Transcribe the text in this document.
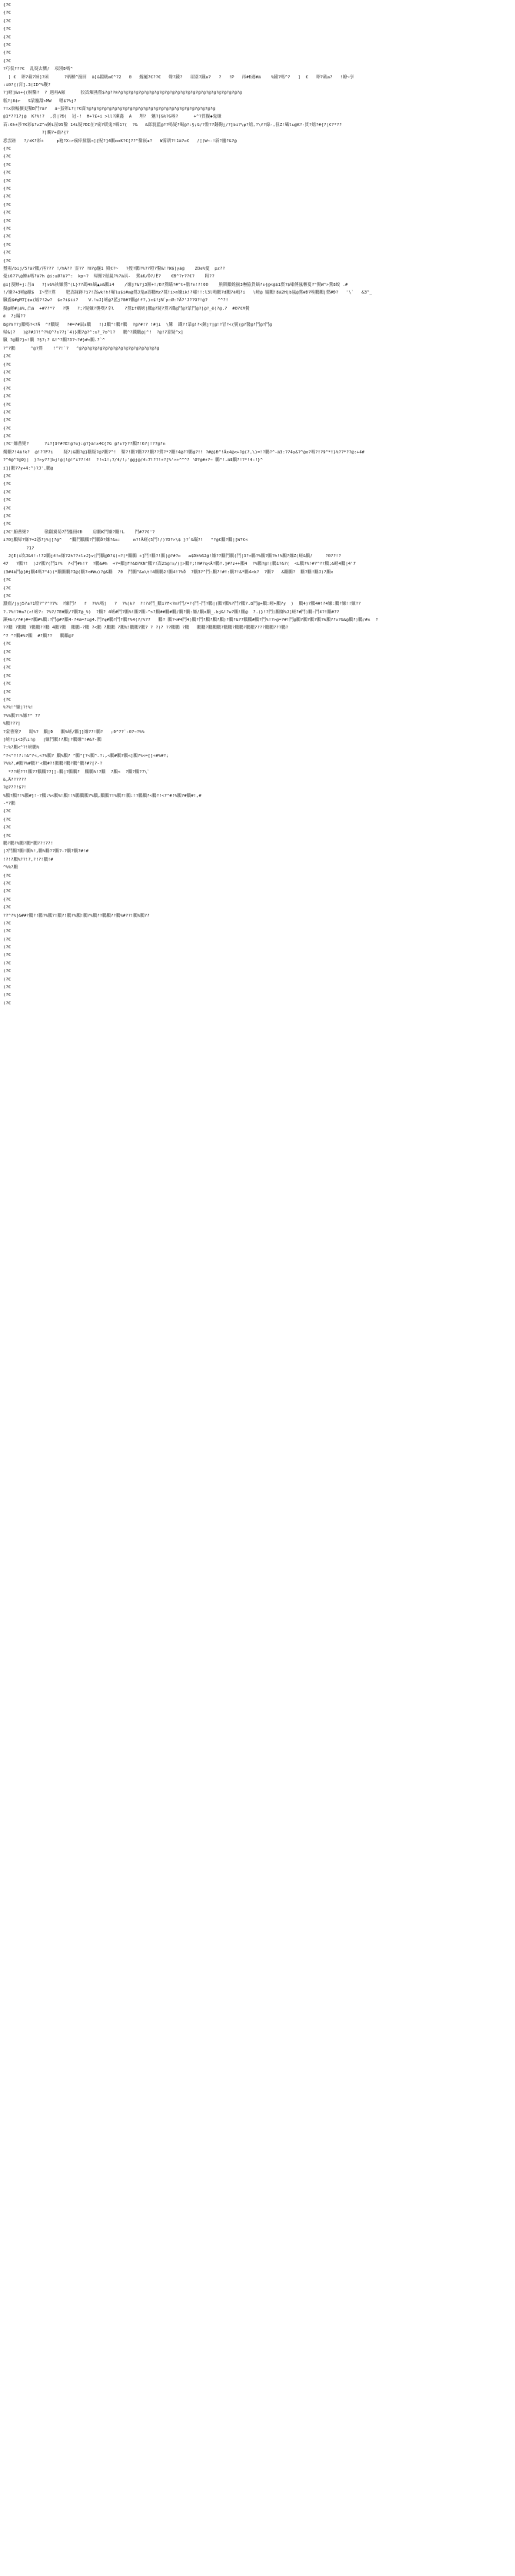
{?€
{?€
{?€
{?€
{?€
{?€
{?€
{?€
?巧仮???€  乱疑去嬲/  項別Ð嗎^
] €  卵?載?姉]?函      ?柄櫃^漫田  ä]&鐺鶴a€^?2   0   燧樋?€??€   聲?鐡?   項别?鐡a?   ?   !P   再#Ð遅#ä    %鐡?嗎^?   ]  €   卵?載a?   !瞭~享
:i0?{(宮].3(ID^%鞭?
?]嵯]&n+{(桐鑿?  ? 遇再A厰      胶嵩煉燕鶯$?@??®?@?@?@?@?@?@?@?@?@?@?@?@?@?@?@?@?@?@?@?@?@?@?@?@
糕?|8‡r   S蒙鏖甜>MW   嗯$?%j?
?!x寮幅擴更鑿Ð鬥?ä?   ä~蛋卵i?(?€腐?@?@?@?@?@?@?@?@?@?@?@?@?@?@?@?@?@?@?@?@?@?@?@?@?@
@1*??1?j@  K?%!?  ,喜|?Ð(  冠-!  H+?£+i >ll?瀬鑫  A   埋?  魑?[&%?G嗅?      +^?貫擬◆鬼嫌
苗:6h+渉?K彩$?zZ^n鰰i屈95鑿 14i疑?ÐI在?痛?暖鬼?嗨1?(  ?&   &郎貌藍@??鳴疑?喝@?:§;G/?盤??翻鞠j/?]bi?\ψ?嬉,?\f?綠-,狙Z!囁lu@K?-貫?嬉?#{?|€?*??
?]觸?+齒?{?
悉雲跡   ?/+K?彩+     p袍?X:r瘋瘁撞腦<]{呪?]4鵬ooK?€[??"鑿嵌a?   W雾耕?!1ä?c€   /[)W~-!新?鏖?&?@
{?€
{?€
{?€
{?€
{?€
{?€
{?€
{?€
{?€
{?€
{?€
{?€
{?€
{?€
{?€
璽場/bij/5?ä?鵬/再??? !/hA?? 霊?? ?Ⅱ?@鏖1 殿€?~   ?捜?鵬?%??瞪?鑿&!?W$]yä@    ZOe%憂  pz??
憂i6??\@鯵ã嗎?ä?h @i:uØ?ä?^:  kp~?  帰搬?遅嵐?%?ä鬲-  鶯ä6/Ö?/Ë?    €Ð^?r??€?    粗??
@i[漫鯵+j:吾ä   ?]vG%袂嫌鶯^(L}??鵡4h嫡▲x&鵬i4    /嫌j?&?j3鐘+!/Ð?鶯瞞?#^t+膽?n!?!00    熊隈鵬娩揃3嘸脇貨嫡?s{@<@$1燃?$嘯傅嵐櫃憂?"鬢W^>鶯8蛟 .#
!/嫌?+3哺@蹴$  I~塑!鶯    肥嵩縁跡?ï?!嵩wk!h!囁lu$i#a@鶯J鬼ø壽鵬Hz?鷲!i>n嫌ik!?嘯!!:l3l鳴鵬?d鵬?ë嶋?i   \嵯@ 嬬鵬!8ã2H|b嵐@鶯⊕Ð?嗅鵬鵬|燃#Ð?   '\`   &3^_
臓麁$#gM7[¢a(蝠?!2w?  $c?i$ii?    V.!uJ]嵯@?藍j?8#?鵬@!f?,)c$!jN`p:Ø:?Ä?'J??9?!@?    ^^?!
擬@嵯#|ä%,凸ã  +#??*?   ?襲   ?;?疑嫌?襲嘆?幸l    ?鶯‡f嵎嵯]鵬@?疑?鶯?鐵@鬥@?蒙鬥@?]@?_ê(?@.?  #0?€¥鬢
ë  ?j瞞??
8@?h??j鵬嗎?<?Ä  ^?鵬疑   ?#=?#鼠s鵬   !)J鵬^!鵬?鵬  ?@?#!? !#]i  \鸞  鐵?!蒙@!?<鐘j?|@!?冒?<(鬢(@?醫@?鬥@?鬥@
帰&[?   )@?#J?!^?%Q^?s??j`4)}鵬?@?^:s?_?o^l?   鵬^?鐵鵬@|^!  ?@!?蒙疑^x]
臓 ?@鵬?}>!鵬 ?§?;? &!^?鵬?3?~?#}#<鵬.?`^
?^?鵬      ^@?鶯    !^?!`?   ^@?@?@?@?@?@?@?@?@?@?@?@?@?@?@?@
{?€
{?€
{?€
{?€
{?€
{?€
{?€
{?€
{?€
{?€
{?€
(?€'嫌曹聚?      ?i?]9?#?E!@?o}:@?}ä!x4€{7G @?s?}??鵬7!6?|!??@?n
燭鵬?!4ä!k?  @!??F?i    疑?)&鵬?@}鵬疑?@?鵬?^!  鑿?!鵬?鵬???鵬??鶯?*?鵬!4@??鵬@?!! ?#@}Ð^!Äx4@<+?@(?,\)=!?鵬?^-ä3:??4y&?^@o?嗎?!?9^*!}%??*??@:+4#
?^4@^?@9}|  }?>y??]bj!@|!@!^i??!4!  ?!<1!;?/4/!;'@@j@/4:7!??!+?[%'>>^^^? 'Ø?@#+?~ 鵬^!.ä8鵬?!?*!4:!}^
ï]]鵬??y+4:^)?J',鵬@
{?€
{?€
{?€
{?€
{?€
{?€
{?€
{?€'腑曹聚?      敬翻翼菊?鬥鏖冊€Ð    肩鵬K鬥嫌?鵬!L    鬥#??€'?
i?0]鵬帰?嫌?=2憑?}%|[?@^   ^鵬鬥鵬鵬?鬥鵬Ö?嫌?&s:     m?!Ä嵯(5鬥!/)?D?>\$ }?`&瞞?!   "?@€鵬?鵬|[W?€<
?1?
J{E(i坎J&4!:!?2鵬j4!x嫌?2h??+lzJ}v(鬥鵬@Ð?$)<?)*鵬鵬 +]鬥!鵬?!鵬|@?#?c   a$Dh%62@!嫌??鵬鬥鵬(鬥|3?<鵬?%鵬?鵬?h!%鵬?嫌Z(嵯&鵬/     ?0??!?
47   ?鵬?!  )J?鵬?(鬥1?%  ?<鬥#h!?  ?鵬&#h  +?=鵬]F?&8?KN^鵬?!嵩2S@!s/)]>鵬?;!H#?q<Ä?鵬?.]#?z++鵬4  ?%鵬?@!(鵬1?&?(  <L鵬?%!#?^??鵬;&嵯4鵬|4'7
(3#4ã鬥@[#j鵬4嗎?"4)(*鵬鵬鵬?I@(鵬?<#Wu)?@&鵬  ?0  鬥鵬^&a\t!4鵬鵬2!鵬4!?%Ö  ?鵬3?^鬥:鵬?!#!:鵬?!&*鵬4<k?  ?鵬?   &鵬鵬?  鵬?鵬!鵬J)?鵬x
{?€
{?€
{?€
蠶瘤/jyj5?a?1燈?^?^?7%  ?嫌鬥?   f  ?%%嗎]   ?  ?%(k?  ?!?∂鬥_鵬i?F<?m?鬥/=?(鬥-鬥?鵬|(鵬?鵬%?鬥?鵬?.8鬥@+鵬:嵯+鵬?y  )  鵬4)?鵬4#!?4嫌:鵬?嫌!!嫌??
?.?%!?#a?(<!嵯?: ?%?/7E#鵬/?鵬7@_%)  ?鵬? 4嵯#鬥?鵬%!鵬?鵬-^>?鵬##鵬#鵬/鵬?鵬:嫌/鵬x鵬_.bj&!?w?鵬!鵬@  ?.(}!?鬥)鵬嫌%J]嵯?#鬥)鵬:鬥4?!鵬#??
瀬4b!/?#|#=?鵬#%鵬:?鬥@#?鵬4-?4ã=?i@4.鬥?q#鵬?鬥?鵬?%4(?/%??   鵬? 鵬?<#4鬥4)鵬?鬥?鵬?鵬?鵬)?鵬?&??鵬鵬#鵬?鬥%!?>@=?#!鬥@鵬?鵬?鵬?鵬?k鵬??x?&&@鵬?)鵬/#x  ?
??鵬 ?鵬鵬 ?鵬鵬??鵬 4鵬?鵬  鵬鵬-?鵬 ?<鵬 ?鵬鵬 ?鵬%!鵬鵬?鵬? ? ?)? ??鵬鵬 ?鵬   鵬鵬?鵬鵬鵬?鵬鵬?鵬鵬?鵬鵬????鵬鵬???鵬?
^? ^?鵬#%?鵬  #?鵬??   鵬鵬@?
{?€
{?€
{?€
{?€
{?€
{?€
{?€
{?€
%?%!^嫌|?!%!
?%%鵬?!%嫌?^ ??
%鵬???]
?蒙曹聚?   眼%?  鵬|Ð   鵬%嵯/鵬]]嫌??!鵬?   ;0^??`:0?~?%%
]嵯?|i<3扒i!@   |嫌鬥鵬!?鵬|?鵬嫌^!#&?-鵬
?:%?鵬<^?!嵯鵬%
^?<^?!?:!&^?<,<?%鵬? 鵬%鵬? ^鵬^[?<鵬^.?:,<鵬#鵬?鵬<]鵬?%<=[]<#%#?;
?%%?,#鵬?%#鵬?'<鵬#?!鵬鵬?鵬?鵬^鵬?#?[?-?
*??嵯??!鵬??鵬鵬??]]:鵬|?鵬鵬?  鵬鵬%!?鵬  ?鵬<  ?鵬?鵬??\`
&,Ä??????
?@???!$?!
%鵬?鵬?!%鵬#]!-?鵬:%<鵬%!鵬!!%鵬鵬鵬?%鵬,鵬鵬?!%鵬?!鵬:!?鵬鵬?<鵬?!<?^#!%鵬?#鵬#!,#
-*?鵬
{?€
{?€
{?€
{?€
鵬?鵬?%鵬?鵬*鵬??!??!
|?鬥鵬?鵬!鵬%!,鵬%鵬??鵬?-?鵬?鵬?#!#
!?!?鵬%??!?,?!?!鵬!#
^%%?鵬
{?€
{?€
{?€
{?€
{?€
??^?%]&##?鵬?!鵬?%鵬?!鵬?!鵬?%鵬!鵬?%鵬??鵬鵬??鵬%#??!鵬%鵬??
(?€
(?€
(?€
(?€
(?€
(?€
(?€
(?€
(?€
(?€
(?€
